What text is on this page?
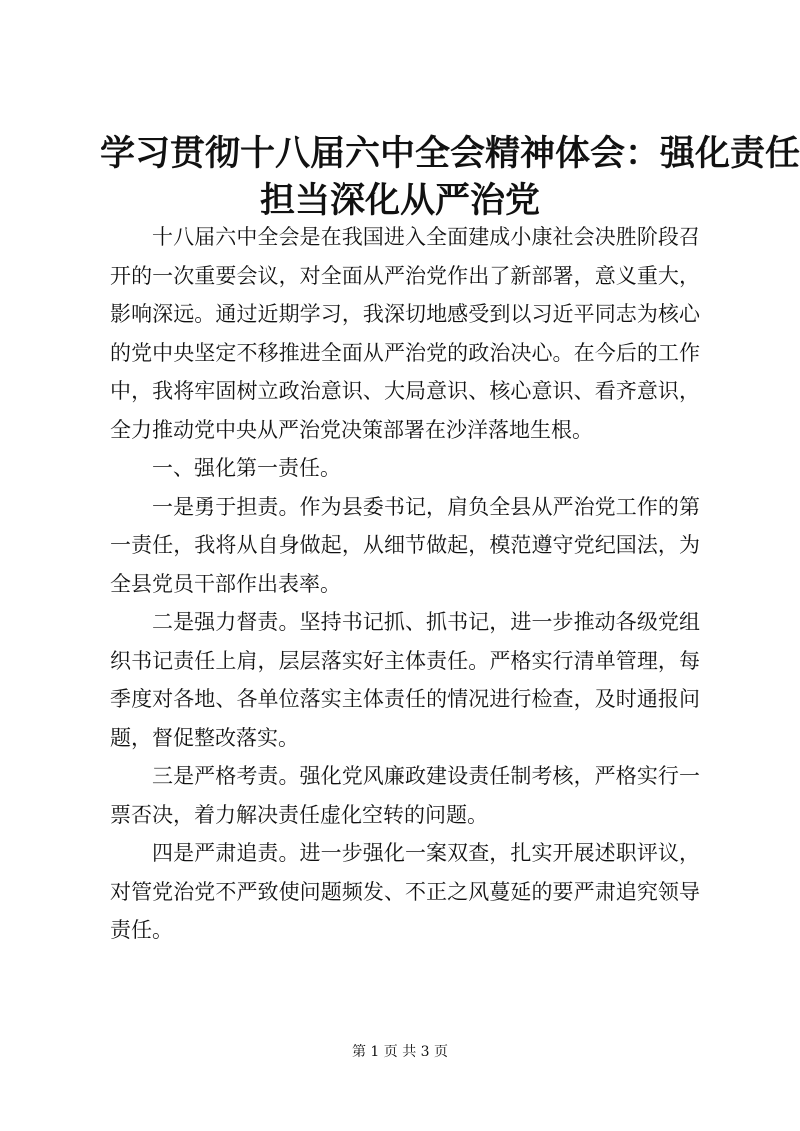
学习贯彻十八届六中全会精神体会：强化责任
担当深化从严治党

十八届六中全会是在我国进入全面建成小康社会决胜阶段召开的一次重要会议，对全面从严治党作出了新部署，意义重大，影响深远。通过近期学习，我深切地感受到以习近平同志为核心的党中央坚定不移推进全面从严治党的政治决心。在今后的工作中，我将牢固树立政治意识、大局意识、核心意识、看齐意识，全力推动党中央从严治党决策部署在沙洋落地生根。

一、强化第一责任。

一是勇于担责。作为县委书记，肩负全县从严治党工作的第一责任，我将从自身做起，从细节做起，模范遵守党纪国法，为全县党员干部作出表率。

二是强力督责。坚持书记抓、抓书记，进一步推动各级党组织书记责任上肩，层层落实好主体责任。严格实行清单管理，每季度对各地、各单位落实主体责任的情况进行检查，及时通报问题，督促整改落实。

三是严格考责。强化党风廉政建设责任制考核，严格实行一票否决，着力解决责任虚化空转的问题。

四是严肃追责。进一步强化一案双查，扎实开展述职评议，对管党治党不严致使问题频发、不正之风蔓延的要严肃追究领导责任。

第 1 页 共 3 页
